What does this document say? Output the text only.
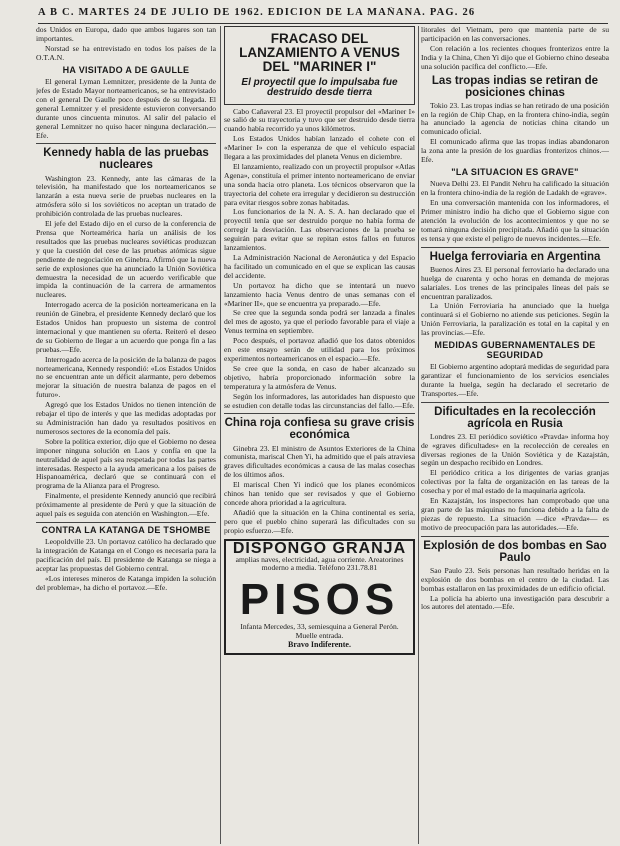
A B C. MARTES 24 DE JULIO DE 1962. EDICION DE LA MAÑANA. PAG. 26

dos Unidos en Europa, dado que ambos lugares son tan importantes.

Norstad se ha entrevistado en todos los países de la O.T.A.N.

HA VISITADO A DE GAULLE

El general Lyman Lemnitzer, presidente de la Junta de jefes de Estado Mayor norteamericanos, se ha entrevistado con el general De Gaulle poco después de su llegada. El general Lemnitzer y el presidente estuvieron conversando durante unos cincuenta minutos. Al salir del palacio el general Lemnitzer no quiso hacer ninguna declaración.—Efe.

Kennedy habla de las pruebas nucleares

Washington 23. Kennedy, ante las cámaras de la televisión, ha manifestado que los norteamericanos se lanzarán a esta nueva serie de pruebas nucleares en la atmósfera sólo si los soviéticos no aceptan un tratado de prohibición controlada de las pruebas nucleares.

El jefe del Estado dijo en el curso de la conferencia de Prensa que Norteamérica haría un análisis de los resultados que las pruebas nucleares soviéticas produzcan y que la cuestión del cese de las pruebas atómicas sigue pendiente de negociación en Ginebra. Afirmó que la nueva serie de explosiones que ha anunciado la Unión Soviética demuestra la necesidad de un acuerdo verificable que impida la continuación de la carrera de armamentos nucleares.

Interrogado acerca de la posición norteamericana en la reunión de Ginebra, el presidente Kennedy declaró que los Estados Unidos han propuesto un sistema de control internacional y que mantienen su oferta. Reiteró el deseo de su Gobierno de llegar a un acuerdo que ponga fin a las pruebas.—Efe.

Interrogado acerca de la posición de la balanza de pagos norteamericana, Kennedy respondió: «Los Estados Unidos no se encuentran ante un déficit alarmante, pero debemos mejorar la situación de nuestra balanza de pagos en el futuro».

Agregó que los Estados Unidos no tienen intención de rebajar el tipo de interés y que las medidas adoptadas por su Administración han dado ya resultados positivos en numerosos sectores de la economía del país.

Sobre la política exterior, dijo que el Gobierno no desea imponer ninguna solución en Laos y confía en que la neutralidad de aquel país sea respetada por todas las partes interesadas. Respecto a la ayuda americana a los países de Hispanoamérica, declaró que se continuará con el programa de la Alianza para el Progreso.

Finalmente, el presidente Kennedy anunció que recibirá próximamente al presidente de Perú y que la situación de aquel país es seguida con atención en Washington.—Efe.

CONTRA LA KATANGA DE TSHOMBE

Leopoldville 23. Un portavoz católico ha declarado que la integración de Katanga en el Congo es necesaria para la pacificación del país. El presidente de Katanga se niega a aceptar las propuestas del Gobierno central.

«Los intereses mineros de Katanga impiden la solución del problema», ha dicho el portavoz.—Efe.

FRACASO DEL LANZAMIENTO A VENUS DEL "MARINER I"
El proyectil que lo impulsaba fue destruido desde tierra

Cabo Cañaveral 23. El proyectil propulsor del «Mariner I» se salió de su trayectoria y tuvo que ser destruido desde tierra cuando había recorrido ya unos kilómetros.

Los Estados Unidos habían lanzado el cohete con el «Mariner I» con la esperanza de que el vehículo espacial llegara a las proximidades del planeta Venus en diciembre.

El lanzamiento, realizado con un proyectil propulsor «Atlas Agena», constituía el primer intento norteamericano de enviar una sonda hacia otro planeta. Los técnicos observaron que la trayectoria del cohete era irregular y decidieron su destrucción para evitar riesgos sobre zonas habitadas.

Los funcionarios de la N. A. S. A. han declarado que el proyectil tenía que ser destruido porque no había forma de corregir la desviación. Las observaciones de la prueba se seguirán para evitar que se repitan estos fallos en futuros lanzamientos.

La Administración Nacional de Aeronáutica y del Espacio ha facilitado un comunicado en el que se explican las causas del accidente.

Un portavoz ha dicho que se intentará un nuevo lanzamiento hacia Venus dentro de unas semanas con el «Mariner II», que se encuentra ya preparado.—Efe.

Se cree que la segunda sonda podrá ser lanzada a finales del mes de agosto, ya que el período favorable para el viaje a Venus termina en septiembre.

Poco después, el portavoz añadió que los datos obtenidos en este ensayo serán de utilidad para los próximos experimentos norteamericanos en el espacio.—Efe.

Se cree que la sonda, en caso de haber alcanzado su objetivo, habría proporcionado información sobre la temperatura y la atmósfera de Venus.

Según los informadores, las autoridades han dispuesto que se estudien con detalle todas las circunstancias del fallo.—Efe.

China roja confiesa su grave crisis económica

Ginebra 23. El ministro de Asuntos Exteriores de la China comunista, mariscal Chen Yi, ha admitido que el país atraviesa graves dificultades económicas a causa de las malas cosechas de los últimos años.

El mariscal Chen Yi indicó que los planes económicos chinos han tenido que ser revisados y que el Gobierno concede ahora prioridad a la agricultura.

Añadió que la situación en la China continental es seria, pero que el pueblo chino superará las dificultades con su propio esfuerzo.—Efe.

DISPONGO GRANJA
amplias naves, electricidad, agua corriente. Areatorines moderno a media. Teléfono 231.78.81
PISOS
Infanta Mercedes, 33, semiesquina a General Perón. Muelle entrada.
Bravo Indiferente.

litorales del Vietnam, pero que mantenía parte de su participación en las conversaciones.

Con relación a los recientes choques fronterizos entre la India y la China, Chen Yi dijo que el Gobierno chino deseaba una solución pacífica del conflicto.—Efe.

Las tropas indias se retiran de posiciones chinas

Tokio 23. Las tropas indias se han retirado de una posición en la región de Chip Chap, en la frontera chino-india, según ha anunciado la agencia de noticias china citando un comunicado oficial.

El comunicado afirma que las tropas indias abandonaron la zona ante la presión de los guardias fronterizos chinos.—Efe.

"LA SITUACION ES GRAVE"

Nueva Delhi 23. El Pandit Nehru ha calificado la situación en la frontera chino-india de la región de Ladakh de «grave».

En una conversación mantenida con los informadores, el Primer ministro indio ha dicho que el Gobierno sigue con atención la evolución de los acontecimientos y que no se tomará ninguna decisión precipitada. Añadió que la situación es tensa y que existe el peligro de nuevos incidentes.—Efe.

Huelga ferroviaria en Argentina

Buenos Aires 23. El personal ferroviario ha declarado una huelga de cuarenta y ocho horas en demanda de mejoras salariales. Los trenes de las principales líneas del país se encuentran paralizados.

La Unión Ferroviaria ha anunciado que la huelga continuará si el Gobierno no atiende sus peticiones. Según la Unión Ferroviaria, la paralización es total en la capital y en las provincias.—Efe.

MEDIDAS GUBERNAMENTALES DE SEGURIDAD

El Gobierno argentino adoptará medidas de seguridad para garantizar el funcionamiento de los servicios esenciales durante la huelga, según ha declarado el secretario de Transportes.—Efe.

Dificultades en la recolección agrícola en Rusia

Londres 23. El periódico soviético «Pravda» informa hoy de «graves dificultades» en la recolección de cereales en diversas regiones de la Unión Soviética y de Kazajstán, según un despacho recibido en Londres.

El periódico critica a los dirigentes de varias granjas colectivas por la falta de organización en las tareas de la cosecha y por el mal estado de la maquinaria agrícola.

En Kazajstán, los inspectores han comprobado que una gran parte de las máquinas no funciona debido a la falta de piezas de repuesto. La situación —dice «Pravda»— es motivo de preocupación para las autoridades.—Efe.

Explosión de dos bombas en Sao Paulo

Sao Paulo 23. Seis personas han resultado heridas en la explosión de dos bombas en el centro de la ciudad. Las bombas estallaron en las proximidades de un edificio oficial.

La policía ha abierto una investigación para descubrir a los autores del atentado.—Efe.
